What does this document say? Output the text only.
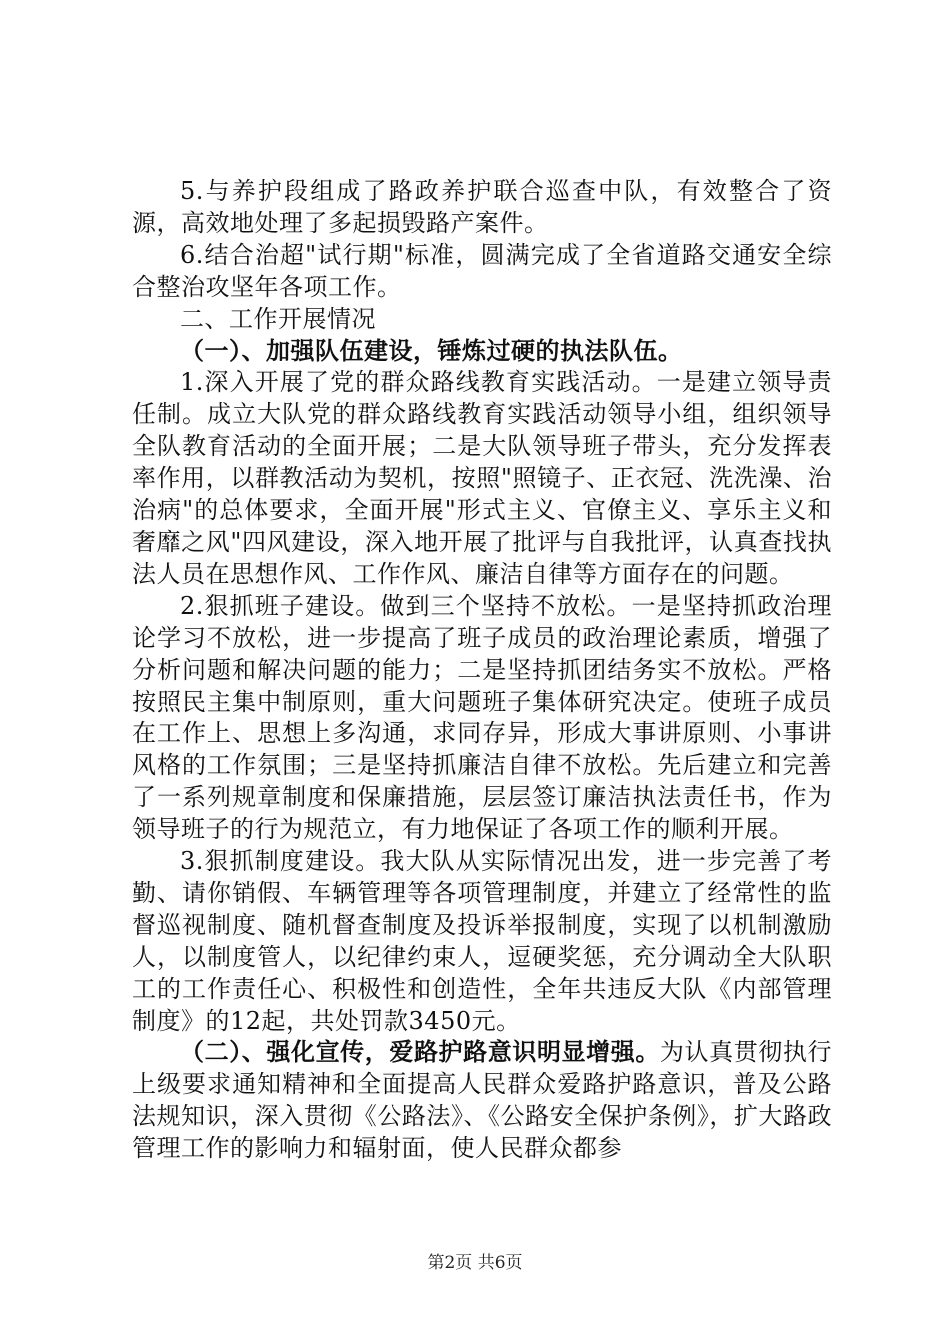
5.与养护段组成了路政养护联合巡查中队，有效整合了资源，高效地处理了多起损毁路产案件。

6.结合治超"试行期"标准，圆满完成了全省道路交通安全综合整治攻坚年各项工作。

二、工作开展情况

（一）、加强队伍建设，锤炼过硬的执法队伍。

1.深入开展了党的群众路线教育实践活动。一是建立领导责任制。成立大队党的群众路线教育实践活动领导小组，组织领导全队教育活动的全面开展；二是大队领导班子带头，充分发挥表率作用，以群教活动为契机，按照"照镜子、正衣冠、洗洗澡、治治病"的总体要求，全面开展"形式主义、官僚主义、享乐主义和奢靡之风"四风建设，深入地开展了批评与自我批评，认真查找执法人员在思想作风、工作作风、廉洁自律等方面存在的问题。

2.狠抓班子建设。做到三个坚持不放松。一是坚持抓政治理论学习不放松，进一步提高了班子成员的政治理论素质，增强了分析问题和解决问题的能力；二是坚持抓团结务实不放松。严格按照民主集中制原则，重大问题班子集体研究决定。使班子成员在工作上、思想上多沟通，求同存异，形成大事讲原则、小事讲风格的工作氛围；三是坚持抓廉洁自律不放松。先后建立和完善了一系列规章制度和保廉措施，层层签订廉洁执法责任书，作为领导班子的行为规范立，有力地保证了各项工作的顺利开展。

3.狠抓制度建设。我大队从实际情况出发，进一步完善了考勤、请你销假、车辆管理等各项管理制度，并建立了经常性的监督巡视制度、随机督查制度及投诉举报制度，实现了以机制激励人，以制度管人，以纪律约束人，逗硬奖惩，充分调动全大队职工的工作责任心、积极性和创造性，全年共违反大队《内部管理制度》的12起，共处罚款3450元。

（二）、强化宣传，爱路护路意识明显增强。为认真贯彻执行上级要求通知精神和全面提高人民群众爱路护路意识，普及公路法规知识，深入贯彻《公路法》、《公路安全保护条例》，扩大路政管理工作的影响力和辐射面，使人民群众都参

第2页 共6页
